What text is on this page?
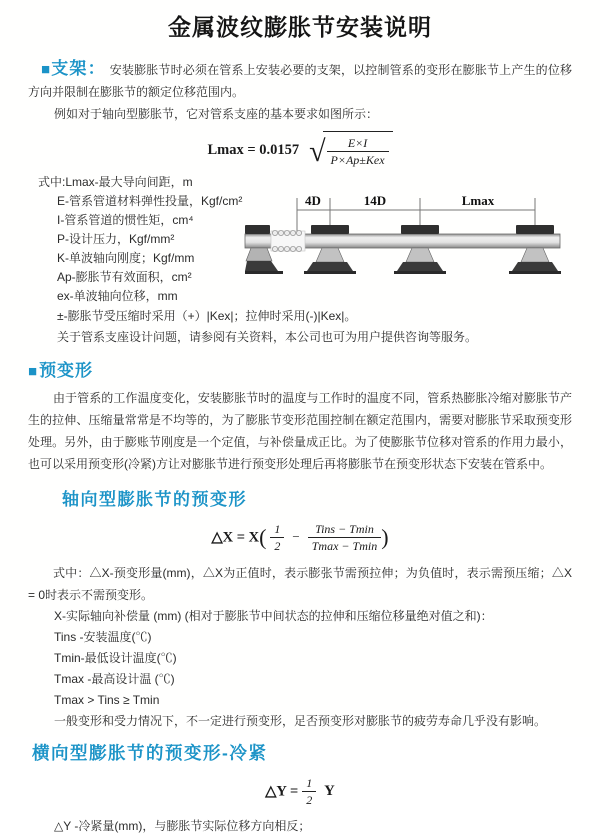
金属波纹膨胀节安装说明

■支架： 安装膨胀节时必须在管系上安装必要的支架，以控制管系的变形在膨胀节上产生的位移方向并限制在膨胀节的额定位移范围内。

例如对于轴向型膨胀节，它对管系支座的基本要求如图所示：

Lmax = 0.0157 √ $\frac{E\times I}{\text{P×Ap±Kex}}$
式中:Lmax-最大导向间距，m
E-管系管道材料弹性投量，Kgf/cm²
I-管系管道的惯性矩，cm⁴
P-设计压力，Kgf/mm²
K-单波轴向刚度；Kgf/mm
Ap-膨胀节有效面积，cm²
ex-单波轴向位移，mm
±-膨胀节受压缩时采用（+）|Kex|；拉伸时采用(-)|Kex|。
关于管系支座设计问题，请参阅有关资料，本公司也可为用户提供咨询等服务。
4D	14D	Lmax
■预变形

由于管系的工作温度变化，安装膨胀节时的温度与工作时的温度不同，管系热膨胀冷缩对膨胀节产生的拉伸、压缩量常常是不均等的，为了膨胀节变形范围控制在额定范围内，需要对膨胀节采取预变形处理。另外，由于膨账节刚度是一个定值，与补偿量成正比。为了使膨胀节位移对管系的作用力最小，也可以采用预变形(冷紧)方让对膨胀节进行预变形处理后再将膨胀节在预变形状态下安装在管系中。

轴向型膨胀节的预变形
△X = $X( \frac{1}{2} - \frac{\text{Tins − Tmin}}{Tmax - Tmin}$ )

式中：△X-预变形量(mm)，△X为正值时，表示膨张节需预拉伸；为负值时，表示需预压缩；△X = 0时表示不需预变形。

X-实际轴向补偿量 (mm) (相对于膨胀节中间状态的拉伸和压缩位移量绝对值之和)：
Tins -安装温度(℃)
Tmin-最低设计温度(℃)
Tmax -最高设计温 (℃)
Tmax > Tins ≥ Tmin
一般变形和受力情况下，不一定进行预变形，足否预变形对膨胀节的疲劳寿命几乎没有影响。
横向型膨胀节的预变形-冷紧
△Y = $\frac{1}{2}$ Y
△Y -冷紧量(mm)，与膨胀节实际位移方向相反；
